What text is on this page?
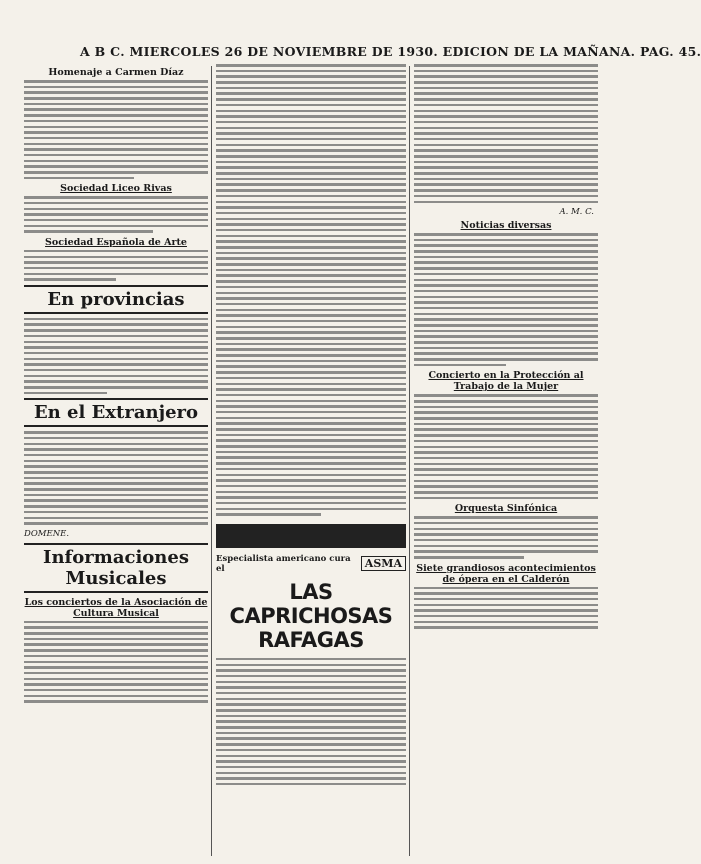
A B C. MIERCOLES 26 DE NOVIEMBRE DE 1930. EDICION DE LA MAÑANA. PAG. 45.
Homenaje a Carmen Díaz
Sociedad Liceo Rivas
Sociedad Española de Arte
En provincias
En el Extranjero
DOMENE.
Informaciones Musicales
Los conciertos de la Asociación de Cultura Musical
Especialista americano cura el	ASMA
LAS CAPRICHOSAS RAFAGAS
A. M. C.
Noticias diversas
Concierto en la Protección al Trabajo de la Mujer
Orquesta Sinfónica
Siete grandiosos acontecimientos de ópera en el Calderón
